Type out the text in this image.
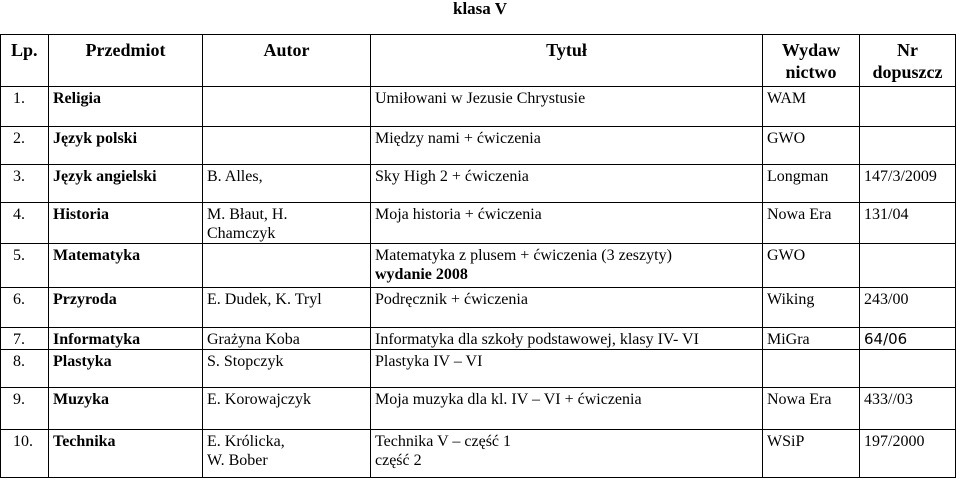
klasa V
Lp.	Przedmiot	Autor	Tytuł	Wydaw
nictwo	Nr
dopuszcz

1.	Religia		Umiłowani w Jezusie Chrystusie	WAM	
2.	Język polski		Między nami + ćwiczenia	GWO	
3.	Język angielski	B. Alles,	Sky High 2 + ćwiczenia	Longman	147/3/2009
4.	Historia	M. Błaut, H.
Chamczyk	Moja historia + ćwiczenia	Nowa Era	131/04
5.	Matematyka		Matematyka z plusem + ćwiczenia (3 zeszyty)
wydanie 2008	GWO	
6.	Przyroda	E. Dudek, K. Tryl	Podręcznik + ćwiczenia	Wiking	243/00
7.	Informatyka	Grażyna Koba	Informatyka dla szkoły podstawowej, klasy IV- VI	MiGra	64/06
8.	Plastyka	S. Stopczyk	Plastyka IV – VI		
9.	Muzyka	E. Korowajczyk	Moja muzyka dla kl. IV – VI + ćwiczenia	Nowa Era	433//03
10.	Technika	E. Królicka,
W. Bober	Technika V – część 1
część 2	WSiP	197/2000
